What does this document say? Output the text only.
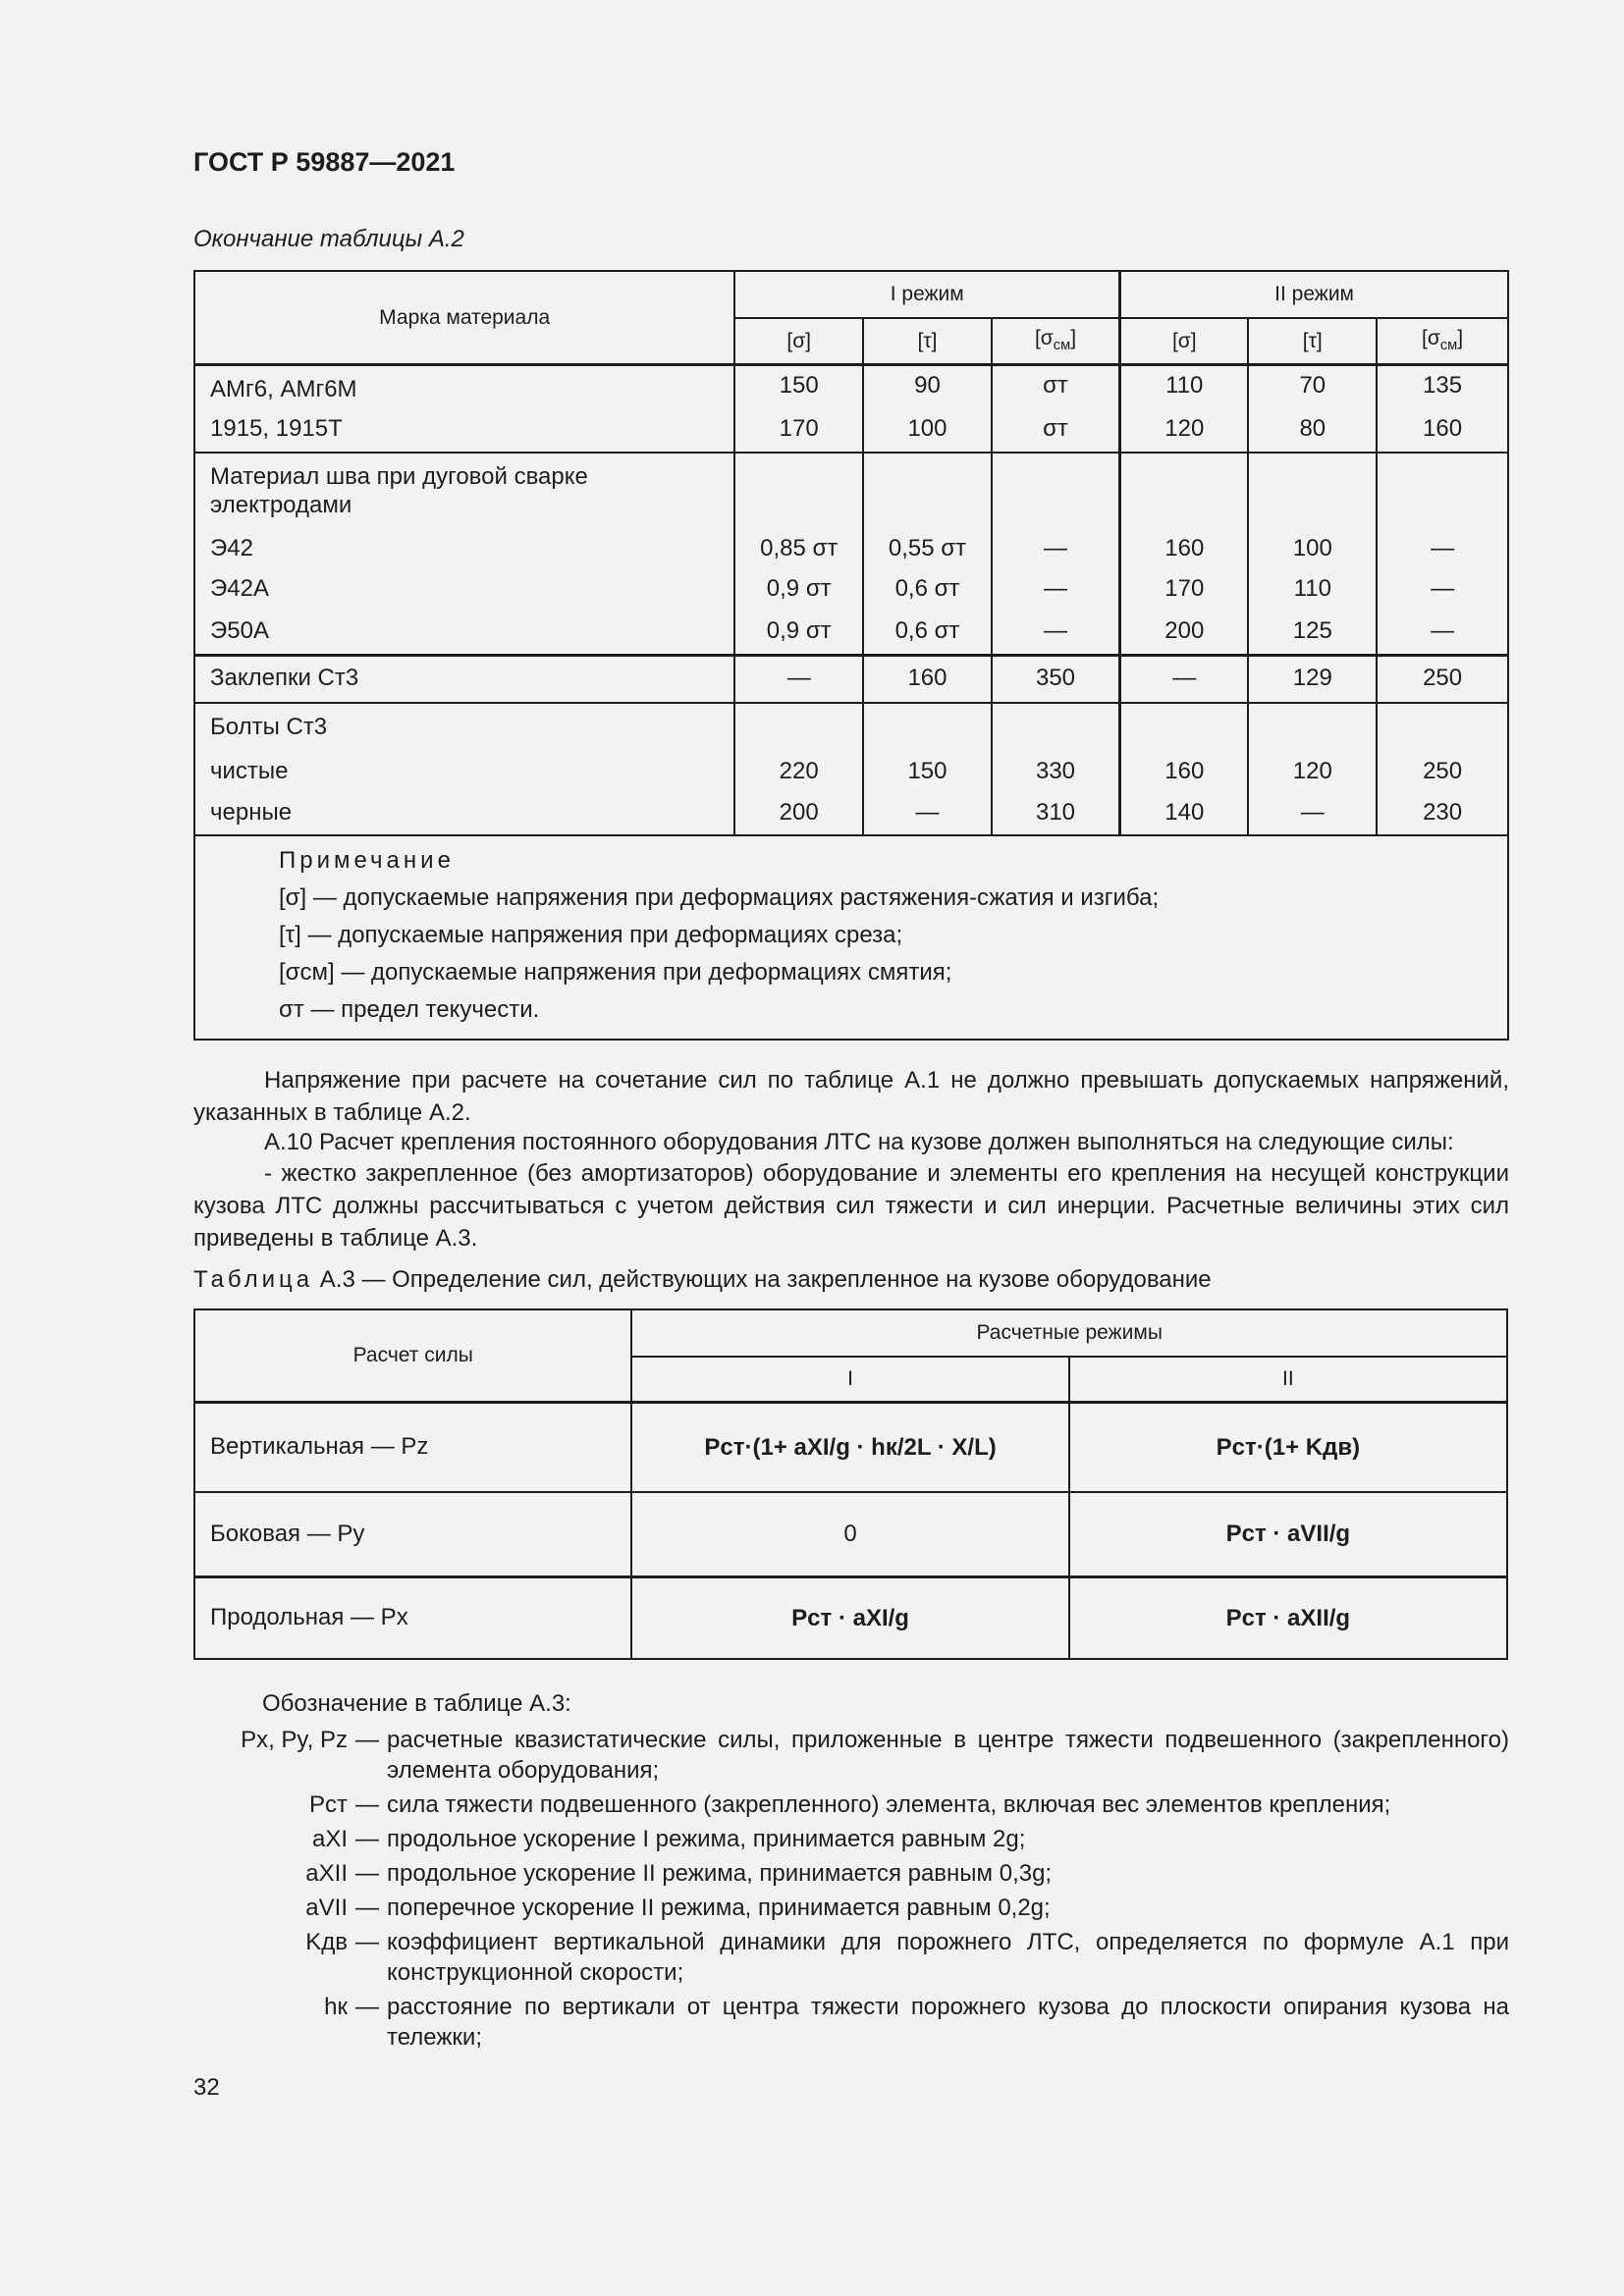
ГОСТ Р 59887—2021
Окончание таблицы А.2
Марка материала	I режим			II режим		
	[σ]	[τ]	$[\sigma_{см}]$	[σ]	[τ]	$[\sigma_{см}]$
АМг6, АМг6М	150	90	σт	110	70	135
1915, 1915Т	170	100	σт	120	80	160
Материал шва при дуговой сварке электродами						
Э42	0,85 σт	0,55 σт	—	160	100	—
Э42А	0,9 σт	0,6 σт	—	170	110	—
Э50А	0,9 σт	0,6 σт	—	200	125	—
Заклепки Ст3	—	160	350	—	129	250
Болты Ст3						
чистые	220	150	330	160	120	250
черные	200	—	310	140	—	230

Примечание
[σ] — допускаемые напряжения при деформациях растяжения-сжатия и изгиба;
[τ] — допускаемые напряжения при деформациях среза;
[σсм] — допускаемые напряжения при деформациях смятия;
σт — предел текучести.						
Напряжение при расчете на сочетание сил по таблице А.1 не должно превышать допускаемых напряжений, указанных в таблице А.2.
А.10 Расчет крепления постоянного оборудования ЛТС на кузове должен выполняться на следующие силы:
- жестко закрепленное (без амортизаторов) оборудование и элементы его крепления на несущей конструкции кузова ЛТС должны рассчитываться с учетом действия сил тяжести и сил инерции. Расчетные величины этих сил приведены в таблице А.3.
Таблица А.3 — Определение сил, действующих на закрепленное на кузове оборудование
Расчет силы	Расчетные режимы	
	I	II
Вертикальная — Pz	Pст·(1+ aXI/g · hк/2L · X/L)	Pст·(1+ Kдв)
Боковая — Py	0	Pст · aVII/g
Продольная — Px	Pст · aXI/g	Pст · aXII/g
Обозначение в таблице А.3:
Px, Py, Pz — расчетные квазистатические силы, приложенные в центре тяжести подвешенного (закрепленного) элемента оборудования;
Pст — сила тяжести подвешенного (закрепленного) элемента, включая вес элементов крепления;
aXI — продольное ускорение I режима, принимается равным 2g;
aXII — продольное ускорение II режима, принимается равным 0,3g;
aVII — поперечное ускорение II режима, принимается равным 0,2g;
Kдв — коэффициент вертикальной динамики для порожнего ЛТС, определяется по формуле А.1 при конструкционной скорости;
hк — расстояние по вертикали от центра тяжести порожнего кузова до плоскости опирания кузова на тележки;
32
